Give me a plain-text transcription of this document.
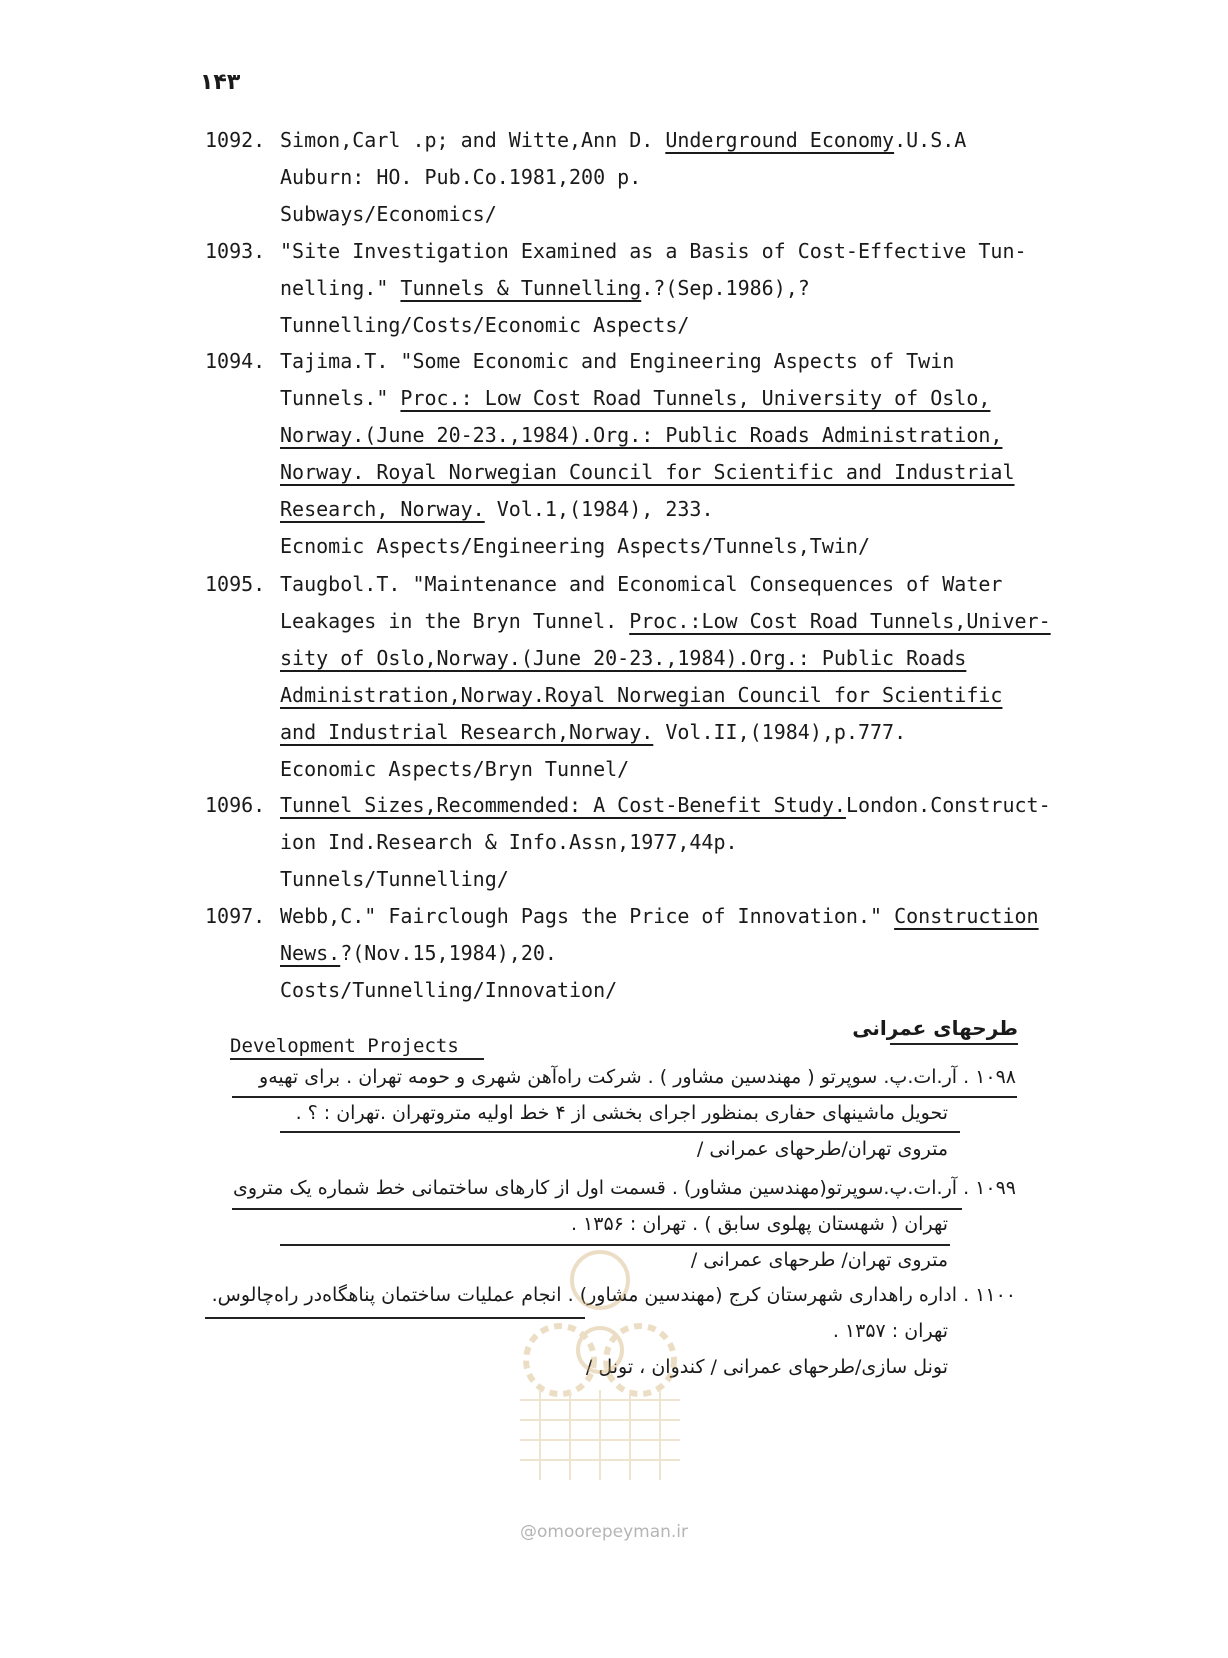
۱۴۳
1092. Simon,Carl .p; and Witte,Ann D. Underground Economy.U.S.A
Auburn: HO. Pub.Co.1981,200 p.
Subways/Economics/
1093. "Site Investigation Examined as a Basis of Cost-Effective Tun-
nelling." Tunnels & Tunnelling.?(Sep.1986),?
Tunnelling/Costs/Economic Aspects/
1094. Tajima.T. "Some Economic and Engineering Aspects of Twin
Tunnels." Proc.: Low Cost Road Tunnels, University of Oslo,
Norway.(June 20-23.,1984).Org.: Public Roads Administration,
Norway. Royal Norwegian Council for Scientific and Industrial
Research, Norway. Vol.1,(1984), 233.
Ecnomic Aspects/Engineering Aspects/Tunnels,Twin/
1095. Taugbol.T. "Maintenance and Economical Consequences of Water
Leakages in the Bryn Tunnel. Proc.:Low Cost Road Tunnels,Univer-
sity of Oslo,Norway.(June 20-23.,1984).Org.: Public Roads
Administration,Norway.Royal Norwegian Council for Scientific
and Industrial Research,Norway. Vol.II,(1984),p.777.
Economic Aspects/Bryn Tunnel/
1096. Tunnel Sizes,Recommended: A Cost-Benefit Study.London.Construct-
ion Ind.Research & Info.Assn,1977,44p.
Tunnels/Tunnelling/
1097. Webb,C." Fairclough Pags the Price of Innovation." Construction
News.?(Nov.15,1984),20.
Costs/Tunnelling/Innovation/
طرحهای عمرانی
Development Projects
۱۰۹۸ . آر.ات.پ. سوپرتو ( مهندسین مشاور ) . شرکت راه‌آهن شهری و حومه تهران . برای تهیه‌و
تحویل ماشینهای حفاری بمنظور اجرای بخشی از ۴ خط اولیه متروتهران .تهران : ؟ .
متروی تهران/طرحهای عمرانی /
۱۰۹۹ . آر.ات.پ.سوپرتو(مهندسین مشاور) . قسمت اول از کارهای ساختمانی خط شماره یک متروی
تهران ( شهستان پهلوی سابق ) . تهران : ۱۳۵۶ .
متروی تهران/ طرحهای عمرانی /
۱۱۰۰ . اداره راهداری شهرستان کرج (مهندسین مشاور) . انجام عملیات ساختمان پناهگاه‌در راه‌چالوس.
تهران : ۱۳۵۷ .
تونل سازی/طرحهای عمرانی / کندوان ، تونل /
@omoorepeyman.ir
